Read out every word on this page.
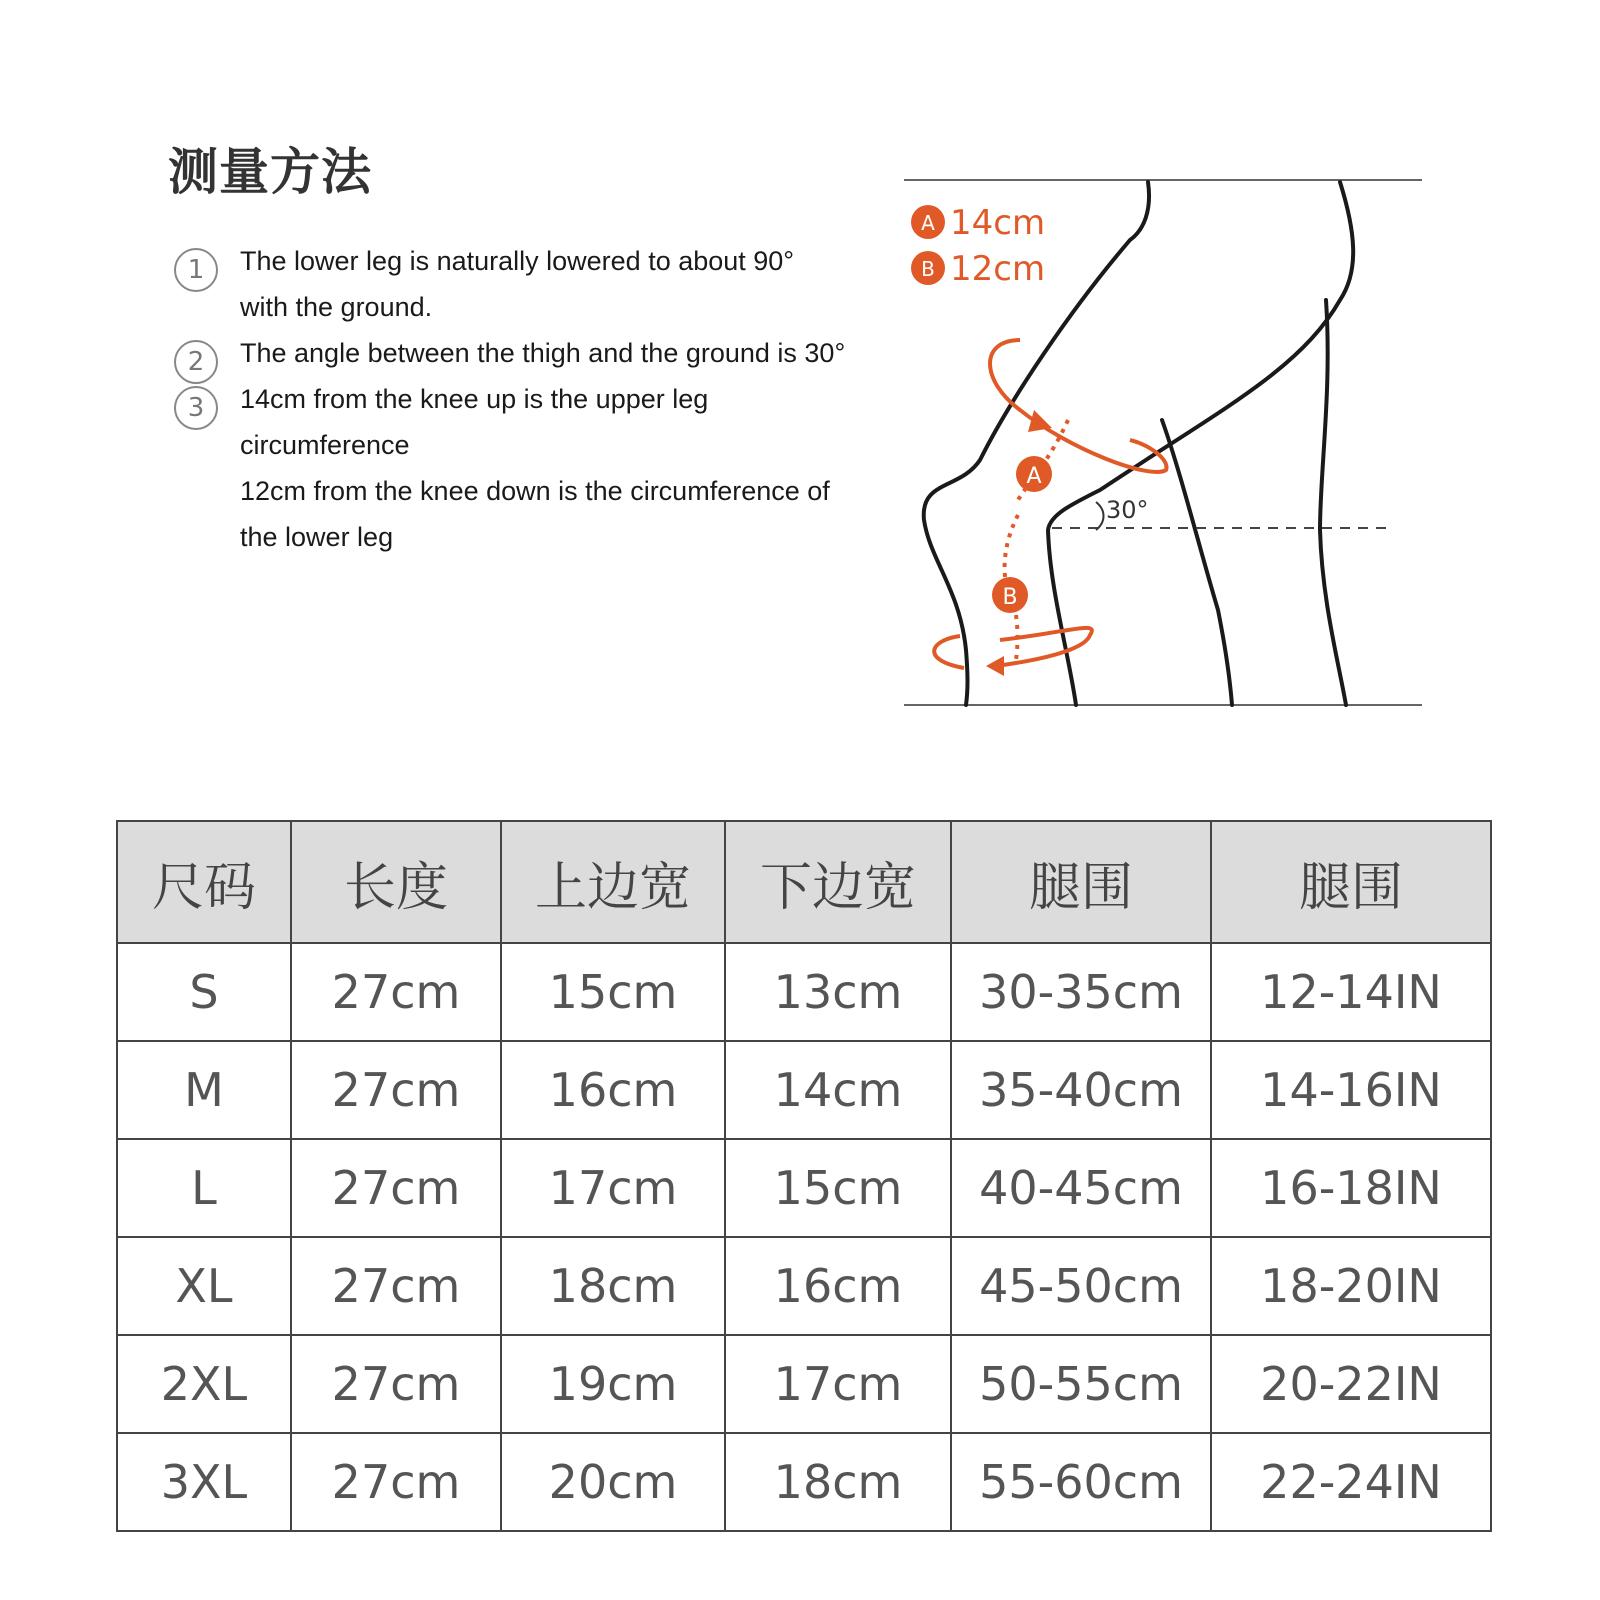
测量方法
1	The lower leg is naturally lowered to about 90° with the ground.
2	The angle between the thigh and the ground is 30°
3	14cm from the knee up is the upper leg circumference
12cm from the knee down is the circumference of the lower leg
30°
A
B
A 14cm
B 12cm
尺码	长度	上边宽	下边宽	腿围	腿围
S	27cm	15cm	13cm	30-35cm	12-14IN
M	27cm	16cm	14cm	35-40cm	14-16IN
L	27cm	17cm	15cm	40-45cm	16-18IN
XL	27cm	18cm	16cm	45-50cm	18-20IN
2XL	27cm	19cm	17cm	50-55cm	20-22IN
3XL	27cm	20cm	18cm	55-60cm	22-24IN
